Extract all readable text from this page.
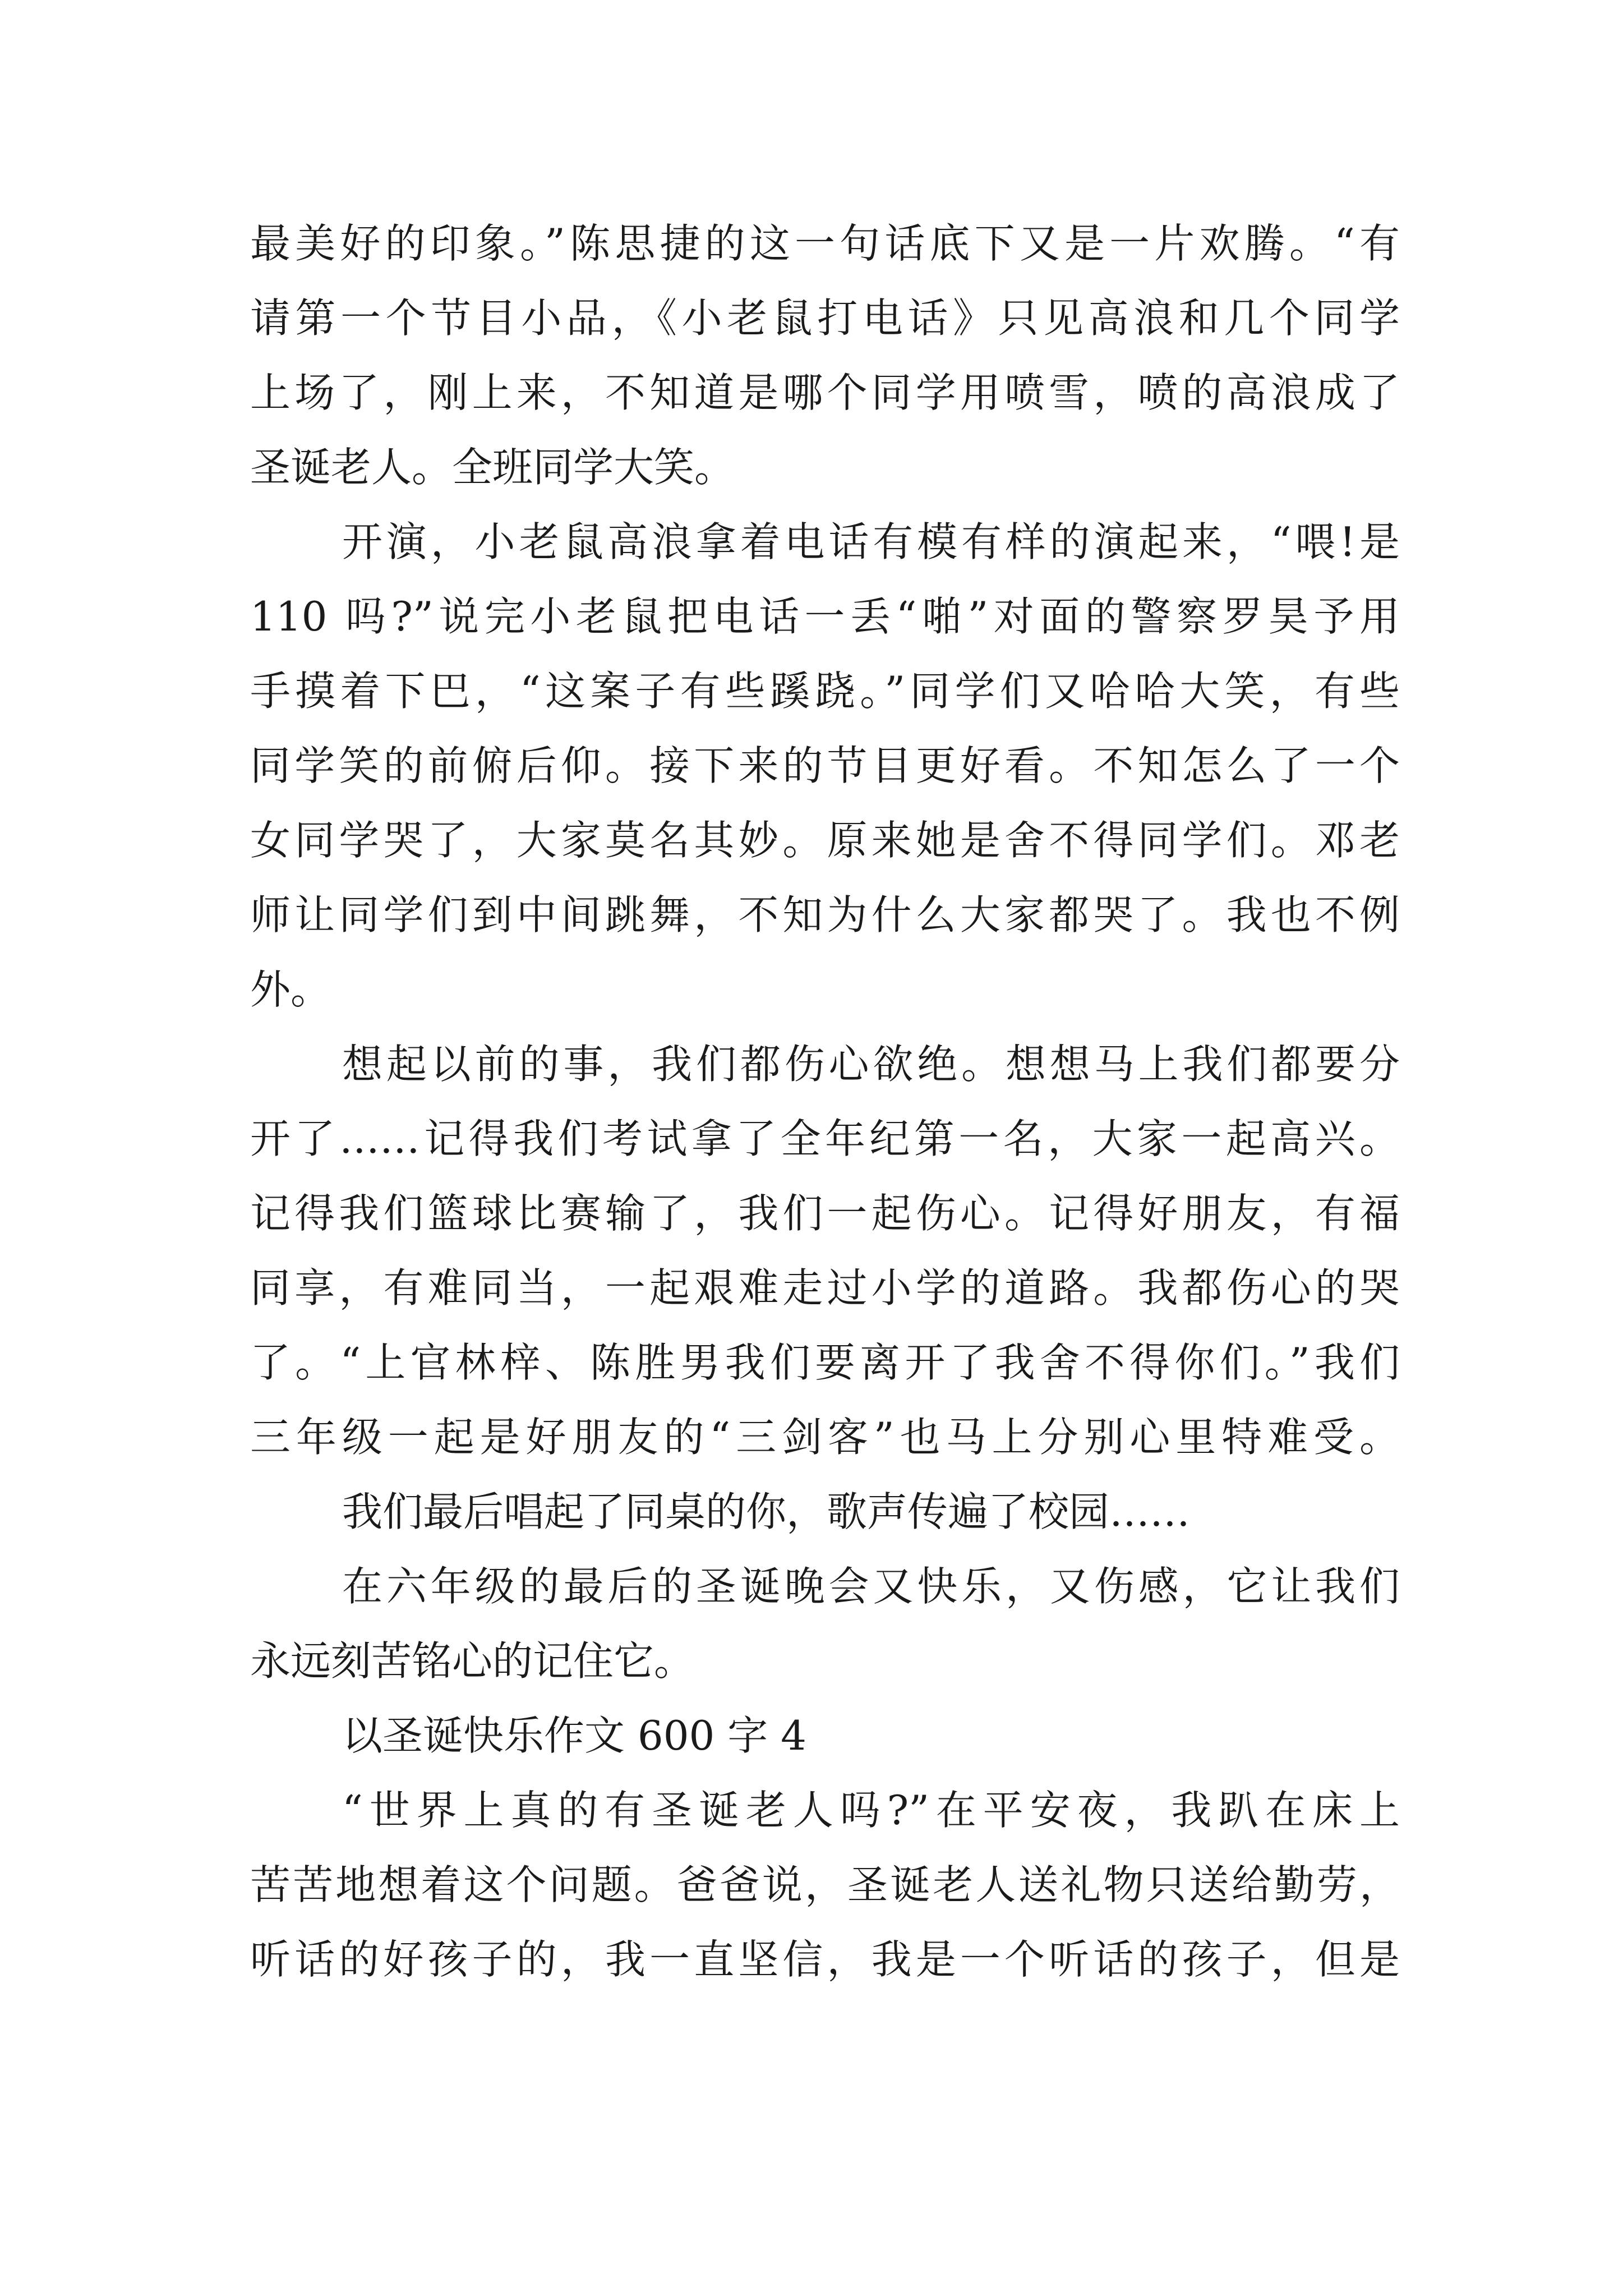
最美好的印象。”陈思捷的这一句话底下又是一片欢腾。“有
请第一个节目小品，《小老鼠打电话》只见高浪和几个同学
上场了，刚上来，不知道是哪个同学用喷雪，喷的高浪成了
圣诞老人。全班同学大笑。
开演，小老鼠高浪拿着电话有模有样的演起来，“喂!是
110 吗?”说完小老鼠把电话一丢“啪”对面的警察罗昊予用
手摸着下巴，“这案子有些蹊跷。”同学们又哈哈大笑，有些
同学笑的前俯后仰。接下来的节目更好看。不知怎么了一个
女同学哭了，大家莫名其妙。原来她是舍不得同学们。邓老
师让同学们到中间跳舞，不知为什么大家都哭了。我也不例
外。
想起以前的事，我们都伤心欲绝。想想马上我们都要分
开了……记得我们考试拿了全年纪第一名，大家一起高兴。
记得我们篮球比赛输了，我们一起伤心。记得好朋友，有福
同享，有难同当，一起艰难走过小学的道路。我都伤心的哭
了。“上官林梓、陈胜男我们要离开了我舍不得你们。”我们
三年级一起是好朋友的“三剑客”也马上分别心里特难受。
我们最后唱起了同桌的你，歌声传遍了校园……
在六年级的最后的圣诞晚会又快乐，又伤感，它让我们
永远刻苦铭心的记住它。
以圣诞快乐作文 600 字 4
“世界上真的有圣诞老人吗?”在平安夜，我趴在床上
苦苦地想着这个问题。爸爸说，圣诞老人送礼物只送给勤劳，
听话的好孩子的，我一直坚信，我是一个听话的孩子，但是
